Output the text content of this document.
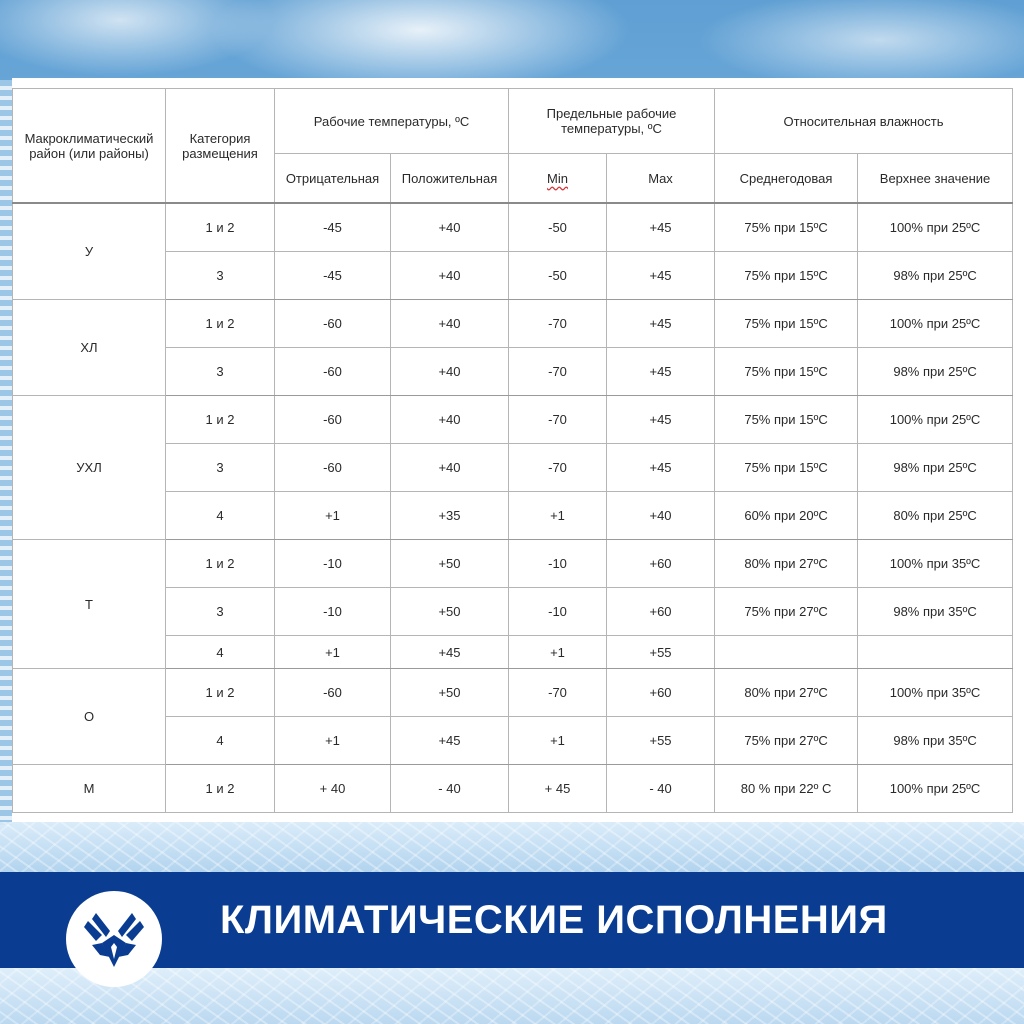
Макроклиматический район (или районы)	Категория размещения	Рабочие температуры, ºС		Предельные рабочие температуры, ºС		Относительная влажность	
		Отрицательная	Положительная	Min	Max	Среднегодовая	Верхнее значение
У	1 и 2	-45	+40	-50	+45	75% при 15ºС	100% при 25ºС
	3	-45	+40	-50	+45	75% при 15ºС	98% при 25ºС
ХЛ	1 и 2	-60	+40	-70	+45	75% при 15ºС	100% при 25ºС
	3	-60	+40	-70	+45	75% при 15ºС	98% при 25ºС
УХЛ	1 и 2	-60	+40	-70	+45	75% при 15ºС	100% при 25ºС
	3	-60	+40	-70	+45	75% при 15ºС	98% при 25ºС
	4	+1	+35	+1	+40	60% при 20ºС	80% при 25ºС
Т	1 и 2	-10	+50	-10	+60	80% при 27ºС	100% при 35ºС
	3	-10	+50	-10	+60	75% при 27ºС	98% при 35ºС
	4	+1	+45	+1	+55		
О	1 и 2	-60	+50	-70	+60	80% при 27ºС	100% при 35ºС
	4	+1	+45	+1	+55	75% при 27ºС	98% при 35ºС
М	1 и 2	+ 40	- 40	+ 45	- 40	80 % при 22º С	100% при 25ºС
КЛИМАТИЧЕСКИЕ ИСПОЛНЕНИЯ
